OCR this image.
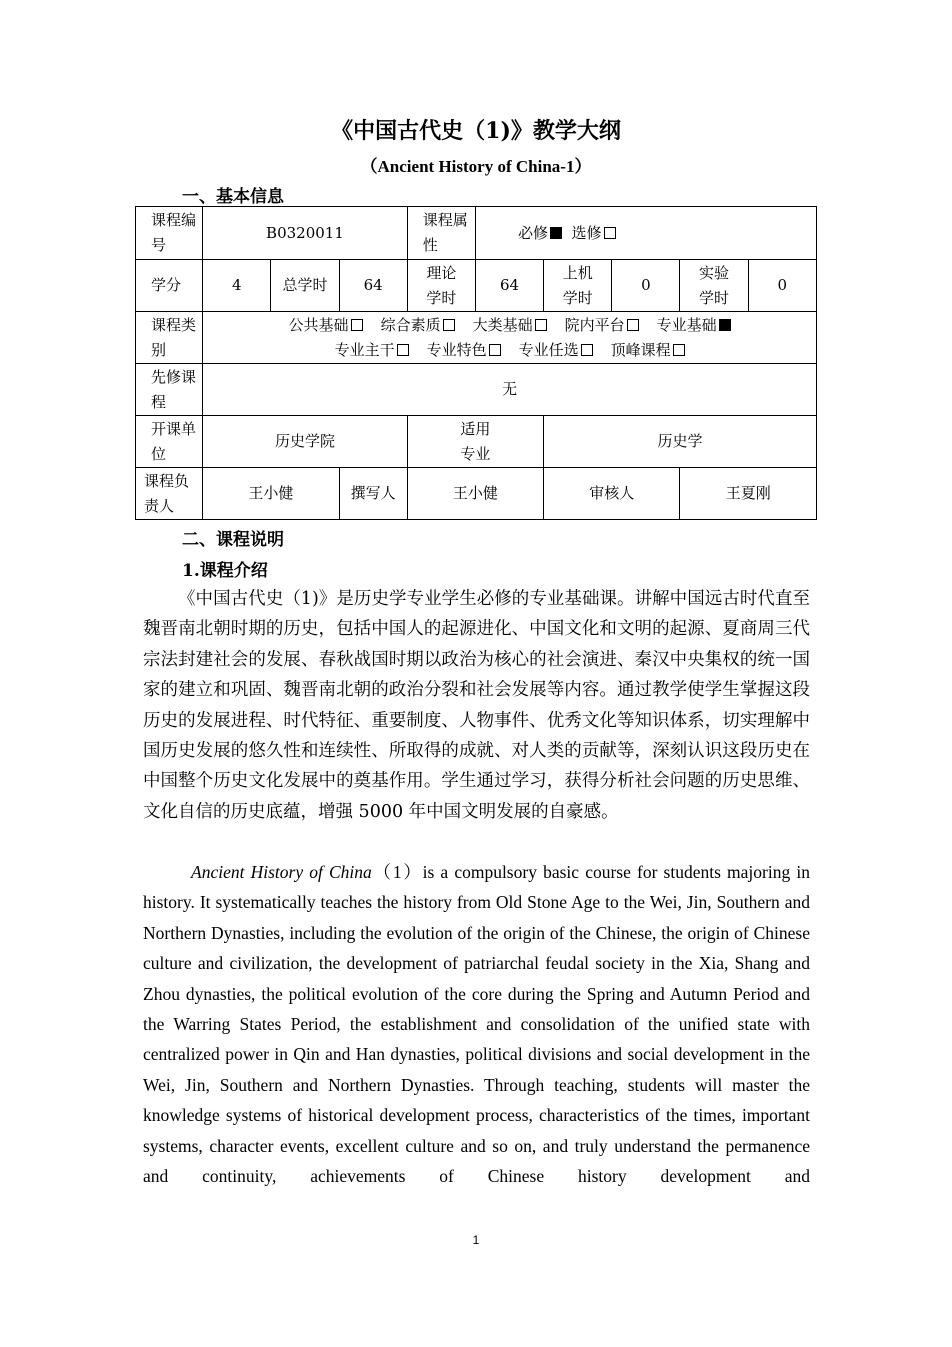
《中国古代史（1)》教学大纲
（Ancient History of China-1）
一、基本信息
课程编号	B0320011			课程属性	必修 选修				
学分	4	总学时	64	理论学时	64	上机学时	0	实验学时	0
课程类别	公共基础 综合素质 大类基础 院内平台 专业基础
专业主干 专业特色 专业任选 顶峰课程								

先修课程	无								
开课单位	历史学院			适用专业		历史学			
课程负责人	王小健		撰写人	王小健		审核人		王夏刚	
二、课程说明
1.课程介绍
《中国古代史（1)》是历史学专业学生必修的专业基础课。讲解中国远古时代直至魏晋南北朝时期的历史，包括中国人的起源进化、中国文化和文明的起源、夏商周三代宗法封建社会的发展、春秋战国时期以政治为核心的社会演进、秦汉中央集权的统一国家的建立和巩固、魏晋南北朝的政治分裂和社会发展等内容。通过教学使学生掌握这段历史的发展进程、时代特征、重要制度、人物事件、优秀文化等知识体系，切实理解中国历史发展的悠久性和连续性、所取得的成就、对人类的贡献等，深刻认识这段历史在中国整个历史文化发展中的奠基作用。学生通过学习，获得分析社会问题的历史思维、文化自信的历史底蕴，增强 5000 年中国文明发展的自豪感。
Ancient History of China（1）is a compulsory basic course for students majoring in history. It systematically teaches the history from Old Stone Age to the Wei, Jin, Southern and Northern Dynasties, including the evolution of the origin of the Chinese, the origin of Chinese culture and civilization, the development of patriarchal feudal society in the Xia, Shang and Zhou dynasties, the political evolution of the core during the Spring and Autumn Period and the Warring States Period, the establishment and consolidation of the unified state with centralized power in Qin and Han dynasties, political divisions and social development in the Wei, Jin, Southern and Northern Dynasties. Through teaching, students will master the knowledge systems of historical development process, characteristics of the times, important systems, character events, excellent culture and so on, and truly understand the permanence and continuity, achievements of Chinese history development and
1
